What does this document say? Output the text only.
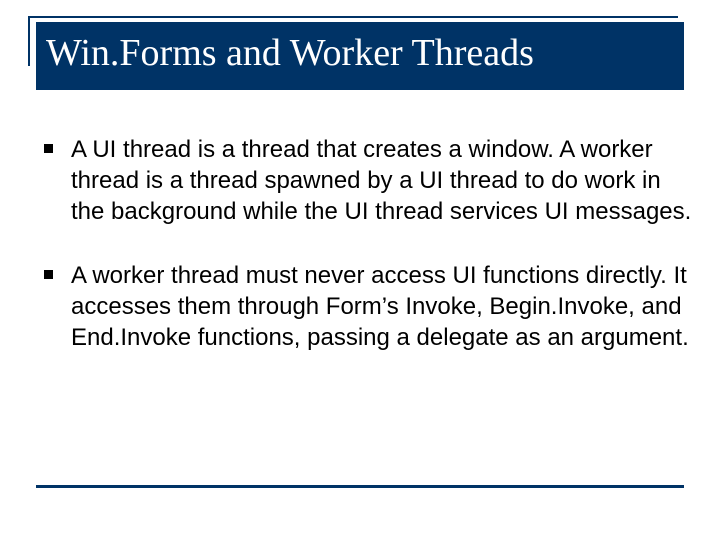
Win.Forms and Worker Threads
A UI thread is a thread that creates a window. A worker thread is a thread spawned by a UI thread to do work in the background while the UI thread services UI messages.
A worker thread must never access UI functions directly. It accesses them through Form’s Invoke, Begin.Invoke, and End.Invoke functions, passing a delegate as an argument.
